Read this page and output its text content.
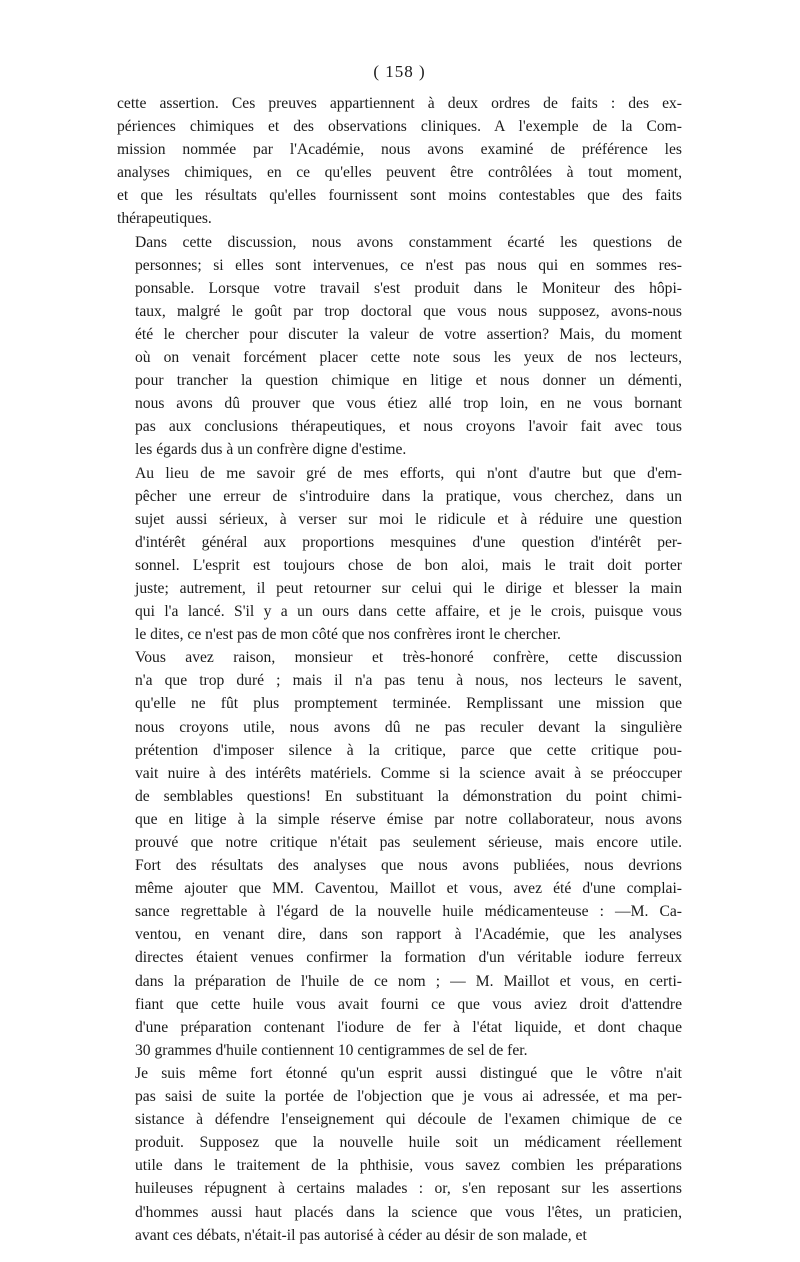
( 158 )

cette assertion. Ces preuves appartiennent à deux ordres de faits : des ex-
périences chimiques et des observations cliniques. A l'exemple de la Com-
mission nommée par l'Académie, nous avons examiné de préférence les
analyses chimiques, en ce qu'elles peuvent être contrôlées à tout moment,
et que les résultats qu'elles fournissent sont moins contestables que des faits
thérapeutiques.

Dans cette discussion, nous avons constamment écarté les questions de
personnes; si elles sont intervenues, ce n'est pas nous qui en sommes res-
ponsable. Lorsque votre travail s'est produit dans le Moniteur des hôpi-
taux, malgré le goût par trop doctoral que vous nous supposez, avons-nous
été le chercher pour discuter la valeur de votre assertion? Mais, du moment
où on venait forcément placer cette note sous les yeux de nos lecteurs,
pour trancher la question chimique en litige et nous donner un démenti,
nous avons dû prouver que vous étiez allé trop loin, en ne vous bornant
pas aux conclusions thérapeutiques, et nous croyons l'avoir fait avec tous
les égards dus à un confrère digne d'estime.

Au lieu de me savoir gré de mes efforts, qui n'ont d'autre but que d'em-
pêcher une erreur de s'introduire dans la pratique, vous cherchez, dans un
sujet aussi sérieux, à verser sur moi le ridicule et à réduire une question
d'intérêt général aux proportions mesquines d'une question d'intérêt per-
sonnel. L'esprit est toujours chose de bon aloi, mais le trait doit porter
juste; autrement, il peut retourner sur celui qui le dirige et blesser la main
qui l'a lancé. S'il y a un ours dans cette affaire, et je le crois, puisque vous
le dites, ce n'est pas de mon côté que nos confrères iront le chercher.

Vous avez raison, monsieur et très-honoré confrère, cette discussion
n'a que trop duré ; mais il n'a pas tenu à nous, nos lecteurs le savent,
qu'elle ne fût plus promptement terminée. Remplissant une mission que
nous croyons utile, nous avons dû ne pas reculer devant la singulière
prétention d'imposer silence à la critique, parce que cette critique pou-
vait nuire à des intérêts matériels. Comme si la science avait à se préoccuper
de semblables questions! En substituant la démonstration du point chimi-
que en litige à la simple réserve émise par notre collaborateur, nous avons
prouvé que notre critique n'était pas seulement sérieuse, mais encore utile.
Fort des résultats des analyses que nous avons publiées, nous devrions
même ajouter que MM. Caventou, Maillot et vous, avez été d'une complai-
sance regrettable à l'égard de la nouvelle huile médicamenteuse : —M. Ca-
ventou, en venant dire, dans son rapport à l'Académie, que les analyses
directes étaient venues confirmer la formation d'un véritable iodure ferreux
dans la préparation de l'huile de ce nom ; — M. Maillot et vous, en certi-
fiant que cette huile vous avait fourni ce que vous aviez droit d'attendre
d'une préparation contenant l'iodure de fer à l'état liquide, et dont chaque
30 grammes d'huile contiennent 10 centigrammes de sel de fer.

Je suis même fort étonné qu'un esprit aussi distingué que le vôtre n'ait
pas saisi de suite la portée de l'objection que je vous ai adressée, et ma per-
sistance à défendre l'enseignement qui découle de l'examen chimique de ce
produit. Supposez que la nouvelle huile soit un médicament réellement
utile dans le traitement de la phthisie, vous savez combien les préparations
huileuses répugnent à certains malades : or, s'en reposant sur les assertions
d'hommes aussi haut placés dans la science que vous l'êtes, un praticien,
avant ces débats, n'était-il pas autorisé à céder au désir de son malade, et
